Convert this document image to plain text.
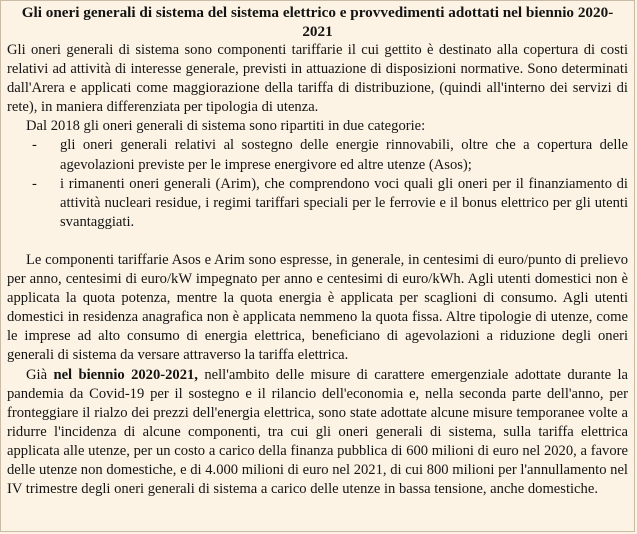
Gli oneri generali di sistema del sistema elettrico e provvedimenti adottati nel biennio 2020-2021

Gli oneri generali di sistema sono componenti tariffarie il cui gettito è destinato alla copertura di costi relativi ad attività di interesse generale, previsti in attuazione di disposizioni normative. Sono determinati dall'Arera e applicati come maggiorazione della tariffa di distribuzione, (quindi all'interno dei servizi di rete), in maniera differenziata per tipologia di utenza.

Dal 2018 gli oneri generali di sistema sono ripartiti in due categorie:

- gli oneri generali relativi al sostegno delle energie rinnovabili, oltre che a copertura delle agevolazioni previste per le imprese energivore ed altre utenze (Asos);
- i rimanenti oneri generali (Arim), che comprendono voci quali gli oneri per il finanziamento di attività nucleari residue, i regimi tariffari speciali per le ferrovie e il bonus elettrico per gli utenti svantaggiati.

Le componenti tariffarie Asos e Arim sono espresse, in generale, in centesimi di euro/punto di prelievo per anno, centesimi di euro/kW impegnato per anno e centesimi di euro/kWh. Agli utenti domestici non è applicata la quota potenza, mentre la quota energia è applicata per scaglioni di consumo. Agli utenti domestici in residenza anagrafica non è applicata nemmeno la quota fissa. Altre tipologie di utenze, come le imprese ad alto consumo di energia elettrica, beneficiano di agevolazioni a riduzione degli oneri generali di sistema da versare attraverso la tariffa elettrica.

Già nel biennio 2020-2021, nell'ambito delle misure di carattere emergenziale adottate durante la pandemia da Covid-19 per il sostegno e il rilancio dell'economia e, nella seconda parte dell'anno, per fronteggiare il rialzo dei prezzi dell'energia elettrica, sono state adottate alcune misure temporanee volte a ridurre l'incidenza di alcune componenti, tra cui gli oneri generali di sistema, sulla tariffa elettrica applicata alle utenze, per un costo a carico della finanza pubblica di 600 milioni di euro nel 2020, a favore delle utenze non domestiche, e di 4.000 milioni di euro nel 2021, di cui 800 milioni per l'annullamento nel IV trimestre degli oneri generali di sistema a carico delle utenze in bassa tensione, anche domestiche.
